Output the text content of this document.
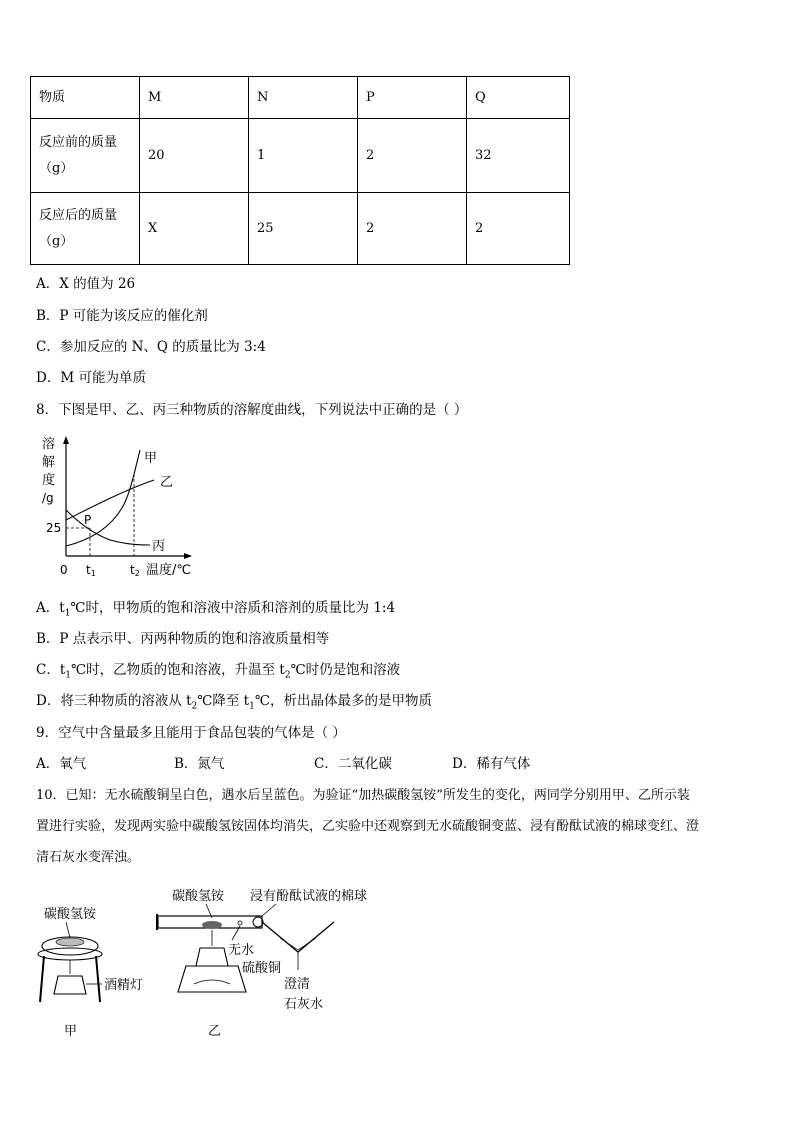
物质	M	N	P	Q

反应前的质量
（g）	20	1	2	32

反应后的质量
（g）	X	25	2	2
A．X 的值为 26
B．P 可能为该反应的催化剂
C．参加反应的 N、Q 的质量比为 3:4
D．M 可能为单质
8．下图是甲、乙、丙三种物质的溶解度曲线，下列说法中正确的是（ ）
溶
解
度
/g
25
P
甲
乙
丙
0 t1	t2 温度/℃
A．$t_1℃$时，甲物质的饱和溶液中溶质和溶剂的质量比为 1:4
B．P 点表示甲、丙两种物质的饱和溶液质量相等
C．$t_1℃$时，乙物质的饱和溶液，升温至 $t_2℃$时仍是饱和溶液
D．将三种物质的溶液从 $t_2℃$降至 $t_1℃$，析出晶体最多的是甲物质
9．空气中含量最多且能用于食品包装的气体是（ ）
A．氧气	B．氮气	C．二氧化碳	D．稀有气体
10．已知：无水硫酸铜呈白色，遇水后呈蓝色。为验证“加热碳酸氢铵”所发生的变化，两同学分别用甲、乙所示装
置进行实验，发现两实验中碳酸氢铵固体均消失，乙实验中还观察到无水硫酸铜变蓝、浸有酚酞试液的棉球变红、澄
清石灰水变浑浊。
碳酸氢铵
酒精灯
甲
碳酸氢铵 浸有酚酞试液的棉球
无水
硫酸铜
澄清
石灰水
乙
